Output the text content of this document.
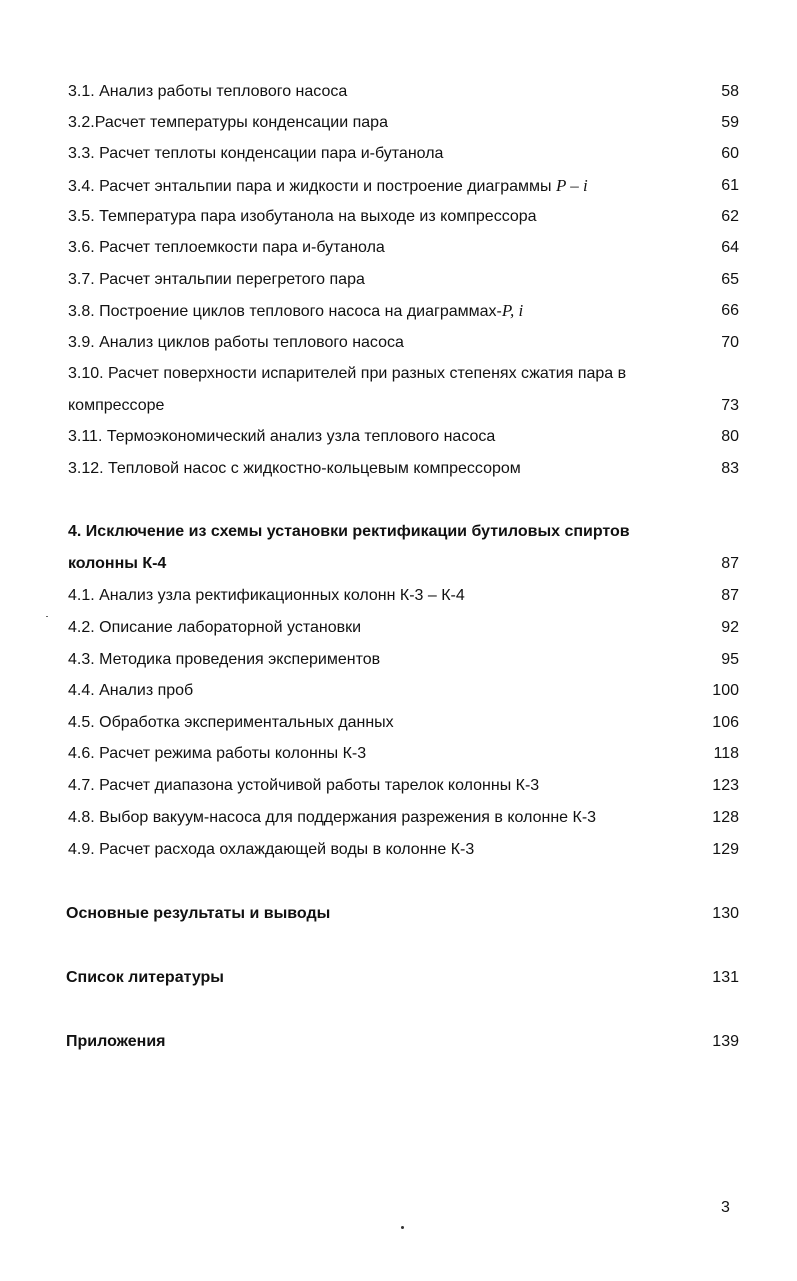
3.1. Анализ работы теплового насоса	58
3.2.Расчет температуры конденсации пара	59
3.3. Расчет теплоты конденсации пара и-бутанола	60
3.4. Расчет энтальпии пара и жидкости и построение диаграммы P – i	61
3.5. Температура пара изобутанола на выходе из компрессора	62
3.6. Расчет теплоемкости пара и-бутанола	64
3.7. Расчет энтальпии перегретого пара	65
3.8. Построение циклов теплового насоса на диаграммах-P, i	66
3.9. Анализ циклов работы теплового насоса	70
3.10. Расчет поверхности испарителей при разных степенях сжатия пара в
компрессоре	73
3.11. Термоэкономический анализ узла теплового насоса	80
3.12. Тепловой насос с жидкостно-кольцевым компрессором	83
4. Исключение из схемы установки ректификации бутиловых спиртов
колонны К-4	87
4.1. Анализ узла ректификационных колонн К-3 – К-4	87
4.2. Описание лабораторной установки	92
4.3. Методика проведения экспериментов	95
4.4. Анализ проб	100
4.5. Обработка экспериментальных данных	106
4.6. Расчет режима работы колонны К-3	118
4.7. Расчет диапазона устойчивой работы тарелок колонны К-3	123
4.8. Выбор вакуум-насоса для поддержания разрежения в колонне К-3	128
4.9. Расчет расхода охлаждающей воды в колонне К-3	129
Основные результаты и выводы	130
Список литературы	131
Приложения	139
3
